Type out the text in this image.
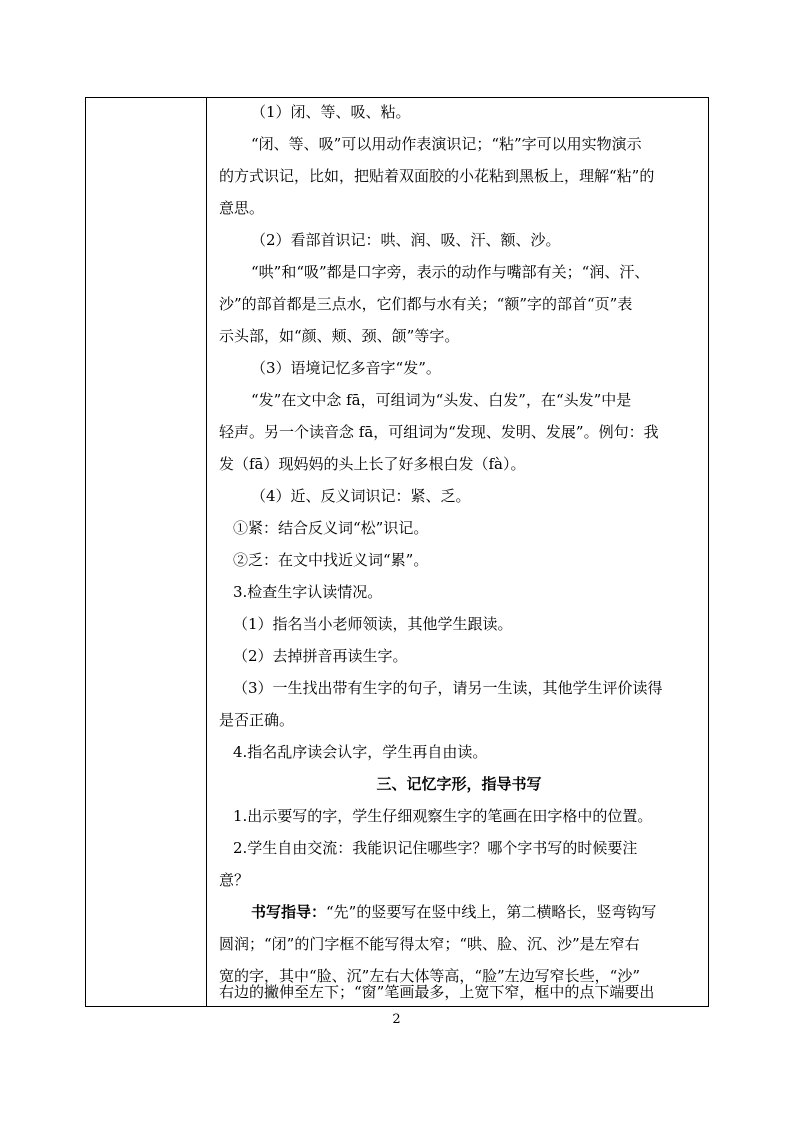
（1）闭、等、吸、粘。
“闭、等、吸”可以用动作表演识记；“粘”字可以用实物演示
的方式识记，比如，把贴着双面胶的小花粘到黑板上，理解“粘”的
意思。
（2）看部首识记：哄、润、吸、汗、额、沙。
“哄”和“吸”都是口字旁，表示的动作与嘴部有关；“润、汗、
沙”的部首都是三点水，它们都与水有关；“额”字的部首“页”表
示头部，如“颜、颊、颈、颌”等字。
（3）语境记忆多音字“发”。
“发”在文中念 fā，可组词为“头发、白发”，在“头发”中是
轻声。另一个读音念 fā，可组词为“发现、发明、发展”。例句：我
发（fā）现妈妈的头上长了好多根白发（fà）。
（4）近、反义词识记：紧、乏。
①紧：结合反义词“松”识记。
②乏：在文中找近义词“累”。
3.检查生字认读情况。
（1）指名当小老师领读，其他学生跟读。
（2）去掉拼音再读生字。
（3）一生找出带有生字的句子，请另一生读，其他学生评价读得
是否正确。
4.指名乱序读会认字，学生再自由读。
三、记忆字形，指导书写
1.出示要写的字，学生仔细观察生字的笔画在田字格中的位置。
2.学生自由交流：我能识记住哪些字？哪个字书写的时候要注
意？
书写指导：“先”的竖要写在竖中线上，第二横略长，竖弯钩写
圆润；“闭”的门字框不能写得太窄；“哄、脸、沉、沙”是左窄右
宽的字，其中“脸、沉”左右大体等高，“脸”左边写窄长些，“沙”
右边的撇伸至左下；“窗”笔画最多，上宽下窄，框中的点下端要出
2
